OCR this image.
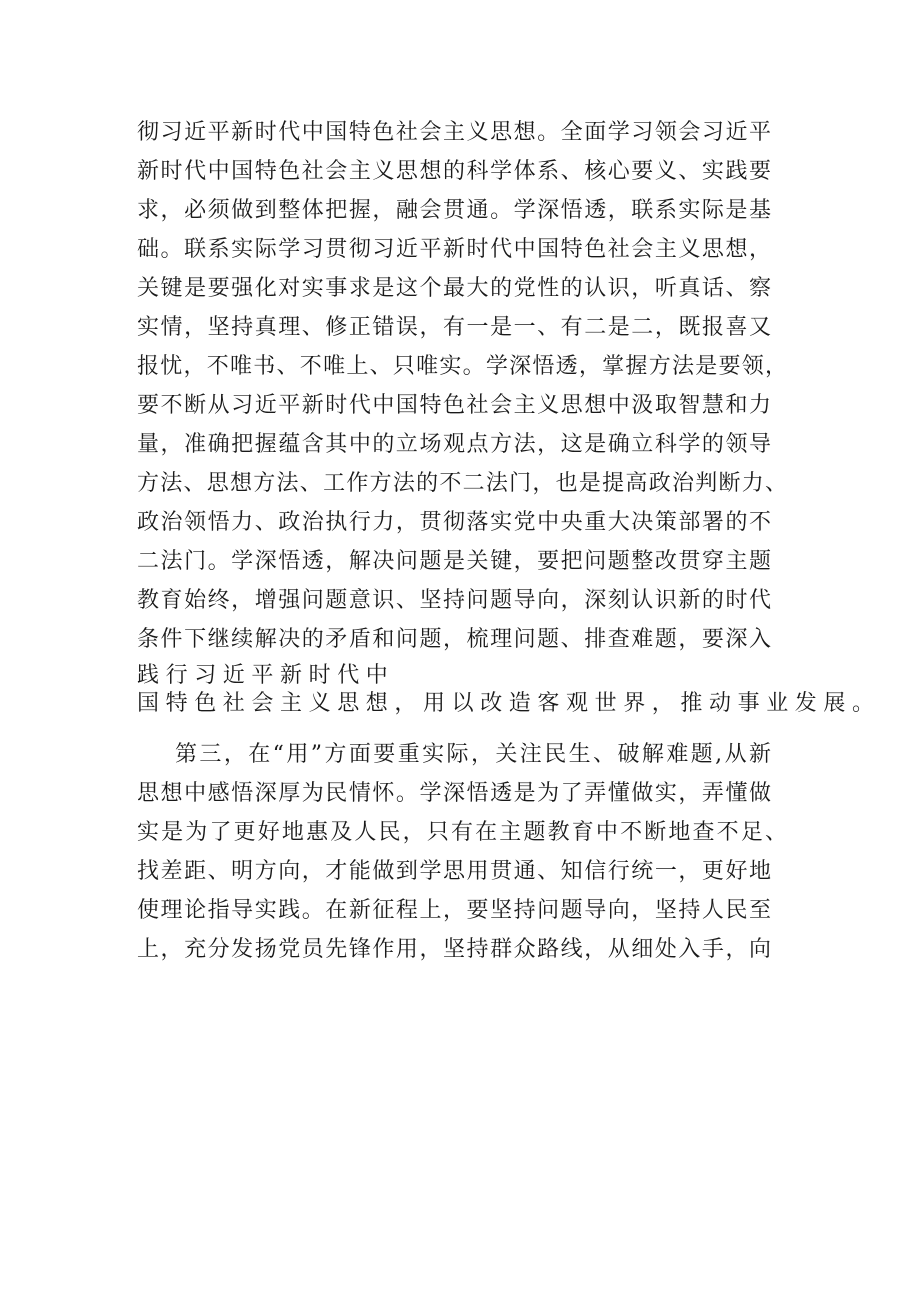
彻习近平新时代中国特色社会主义思想。全面学习领会习近平
新时代中国特色社会主义思想的科学体系、核心要义、实践要
求，必须做到整体把握，融会贯通。学深悟透，联系实际是基
础。联系实际学习贯彻习近平新时代中国特色社会主义思想，
关键是要强化对实事求是这个最大的党性的认识，听真话、察
实情，坚持真理、修正错误，有一是一、有二是二，既报喜又
报忧，不唯书、不唯上、只唯实。学深悟透，掌握方法是要领，
要不断从习近平新时代中国特色社会主义思想中汲取智慧和力
量，准确把握蕴含其中的立场观点方法，这是确立科学的领导
方法、思想方法、工作方法的不二法门，也是提高政治判断力、
政治领悟力、政治执行力，贯彻落实党中央重大决策部署的不
二法门。学深悟透，解决问题是关键，要把问题整改贯穿主题
教育始终，增强问题意识、坚持问题导向，深刻认识新的时代
条件下继续解决的矛盾和问题，梳理问题、排查难题，要深入
践行习近平新时代中
国特色社会主义思想，用以改造客观世界，推动事业发展。
第三，在“用”方面要重实际，关注民生、破解难题,从新
思想中感悟深厚为民情怀。学深悟透是为了弄懂做实，弄懂做
实是为了更好地惠及人民，只有在主题教育中不断地查不足、
找差距、明方向，才能做到学思用贯通、知信行统一，更好地
使理论指导实践。在新征程上，要坚持问题导向，坚持人民至
上，充分发扬党员先锋作用，坚持群众路线，从细处入手，向
